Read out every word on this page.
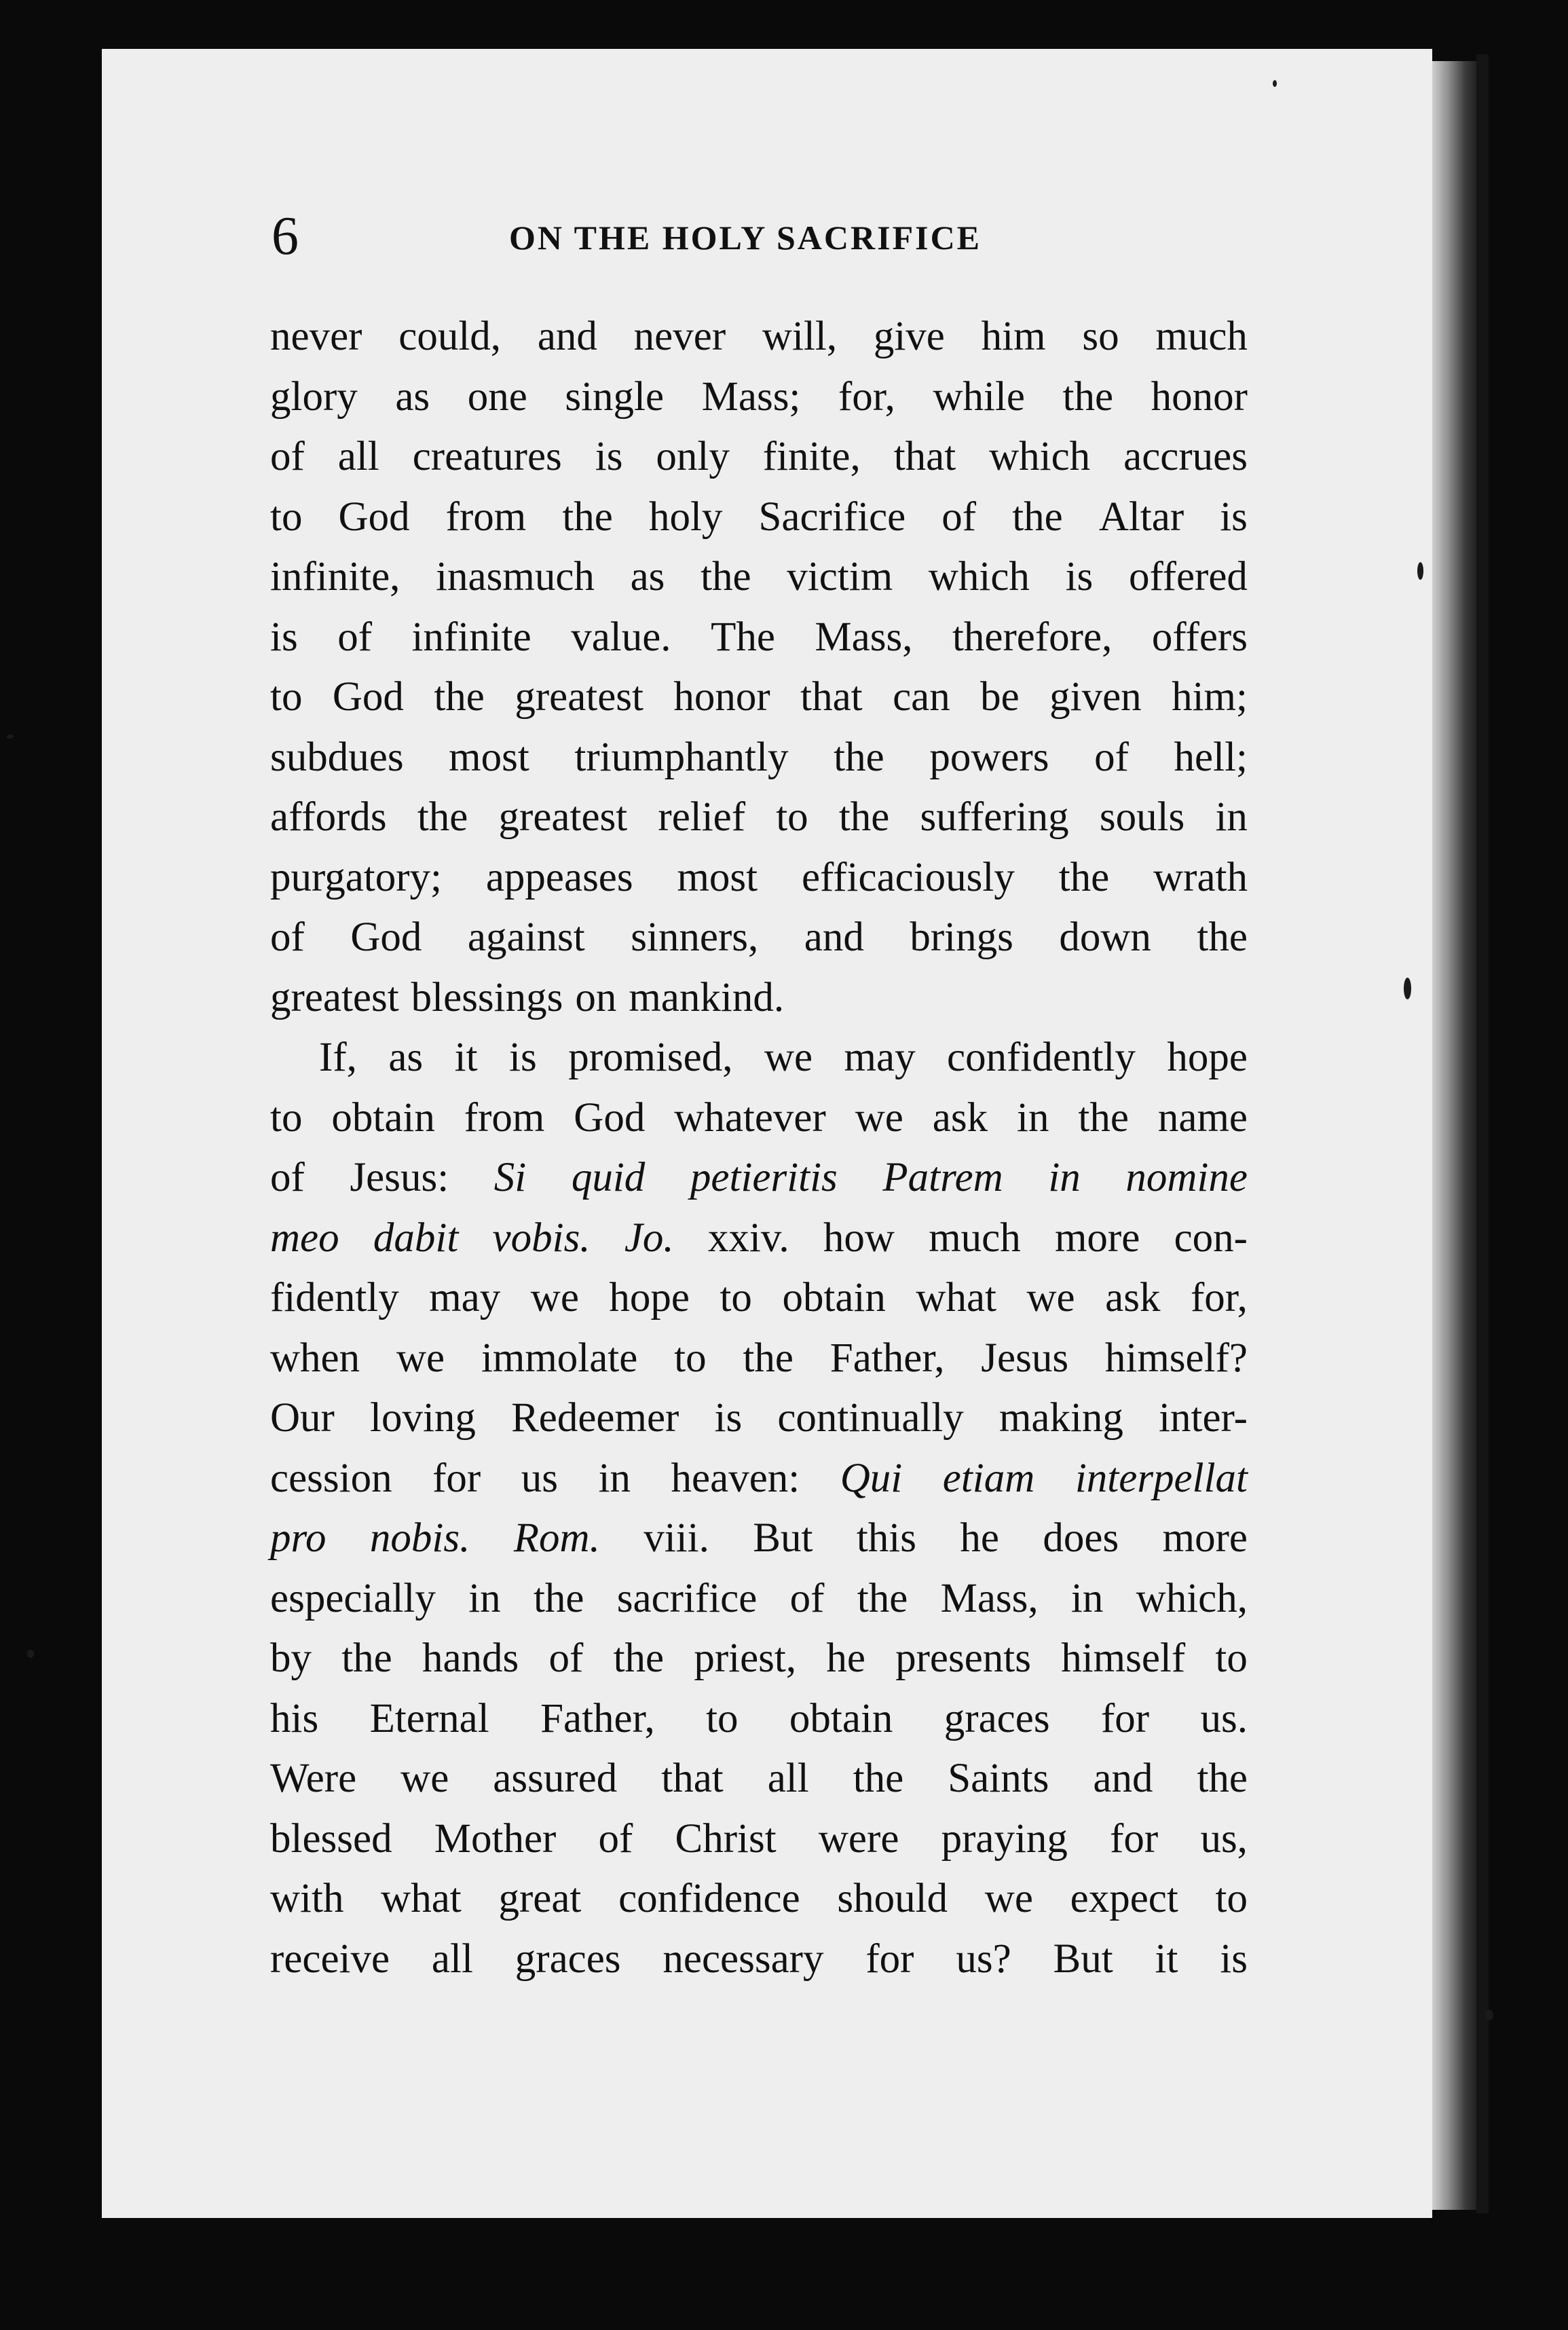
6	ON THE HOLY SACRIFICE
never could, and never will, give him so much
glory as one single Mass; for, while the honor
of all creatures is only finite, that which accrues
to God from the holy Sacrifice of the Altar is
infinite, inasmuch as the victim which is offered
is of infinite value. The Mass, therefore, offers
to God the greatest honor that can be given him;
subdues most triumphantly the powers of hell;
affords the greatest relief to the suffering souls in
purgatory; appeases most efficaciously the wrath
of God against sinners, and brings down the
greatest blessings on mankind.
If, as it is promised, we may confidently hope
to obtain from God whatever we ask in the name
of Jesus: Si quid petieritis Patrem in nomine
meo dabit vobis. Jo. xxiv. how much more con-
fidently may we hope to obtain what we ask for,
when we immolate to the Father, Jesus himself?
Our loving Redeemer is continually making inter-
cession for us in heaven: Qui etiam interpellat
pro nobis. Rom. viii. But this he does more
especially in the sacrifice of the Mass, in which,
by the hands of the priest, he presents himself to
his Eternal Father, to obtain graces for us.
Were we assured that all the Saints and the
blessed Mother of Christ were praying for us,
with what great confidence should we expect to
receive all graces necessary for us? But it is
